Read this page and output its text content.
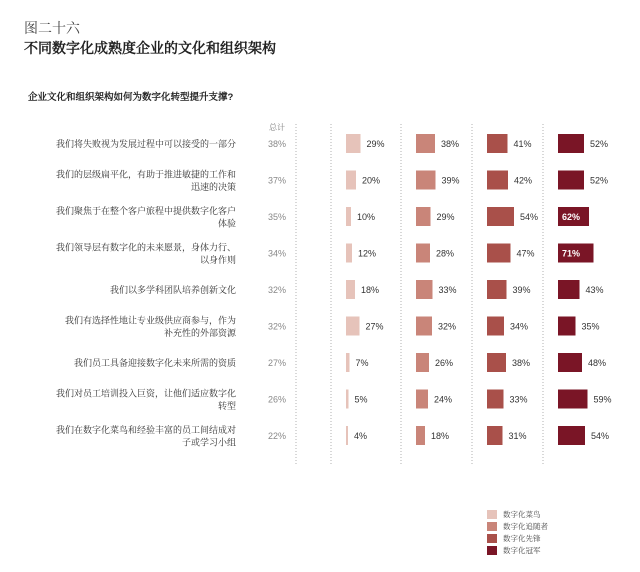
图二十六
不同数字化成熟度企业的文化和组织架构
企业文化和组织架构如何为数字化转型提升支撑?
总计
我们将失败视为发展过程中可以接受的一部分	38%	29%	38%	41%	52%
我们的层级扁平化，有助于推进敏捷的工作和
迅速的决策
37%	20%	39%	42%	52%
我们聚焦于在整个客户旅程中提供数字化客户
体验
35%	10%	29%	54%	62%
我们领导层有数字化的未来愿景，身体力行、
以身作则
34%	12%	28%	47%	71%
我们以多学科团队培养创新文化	32%	18%	33%	39%	43%
我们有选择性地让专业级供应商参与，作为
补充性的外部资源
32%	27%	32%	34%	35%
我们员工具备迎接数字化未来所需的资质	27%	7%	26%	38%	48%
我们对员工培训投入巨资，让他们适应数字化
转型
26%	5%	24%	33%	59%
我们在数字化菜鸟和经验丰富的员工间结成对
子或学习小组
22%	4%	18%	31%	54%
数字化菜鸟
数字化追随者
数字化先锋
数字化冠军
